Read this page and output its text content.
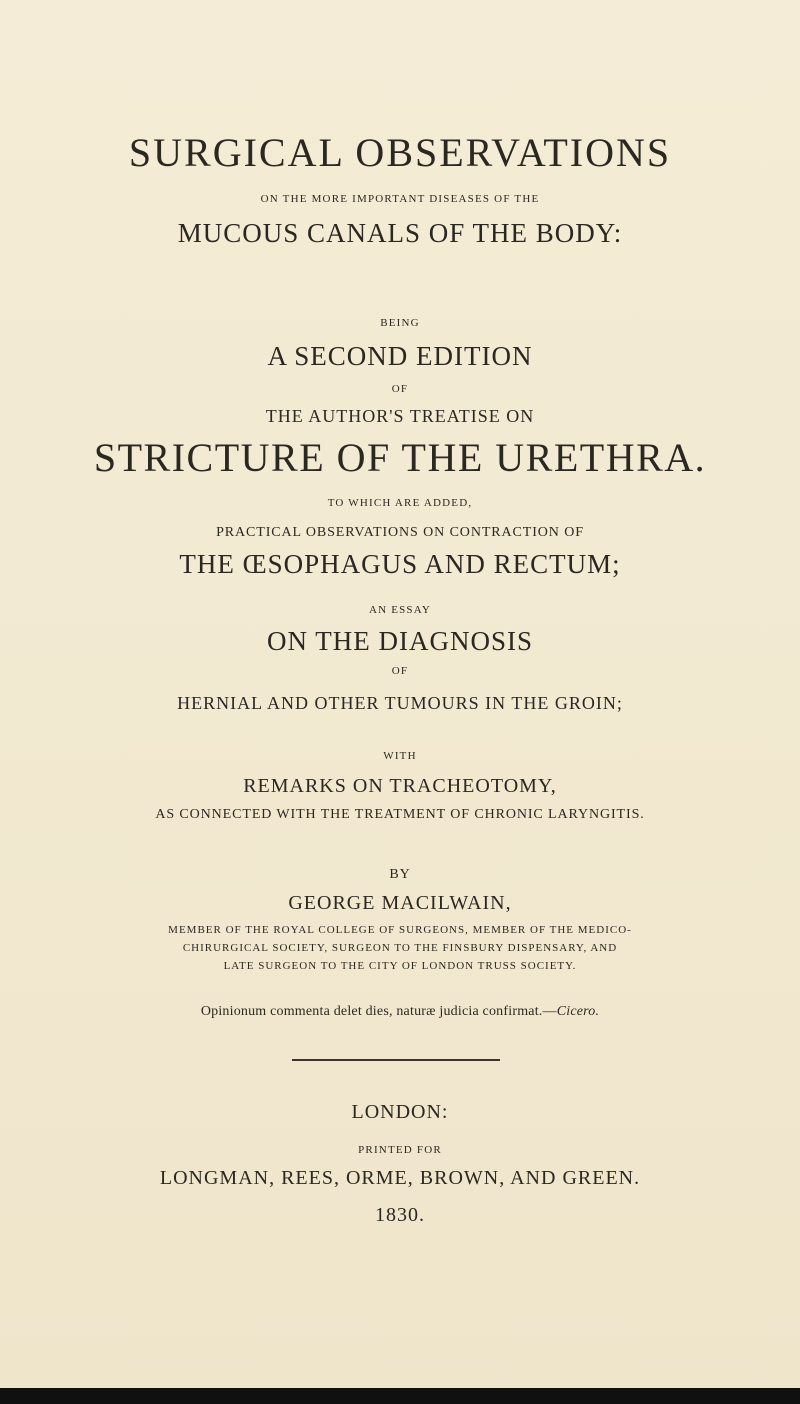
SURGICAL OBSERVATIONS
ON THE MORE IMPORTANT DISEASES OF THE
MUCOUS CANALS OF THE BODY:
BEING
A SECOND EDITION
OF
THE AUTHOR'S TREATISE ON
STRICTURE OF THE URETHRA.
TO WHICH ARE ADDED,
PRACTICAL OBSERVATIONS ON CONTRACTION OF
THE ŒSOPHAGUS AND RECTUM;
AN ESSAY
ON THE DIAGNOSIS
OF
HERNIAL AND OTHER TUMOURS IN THE GROIN;
WITH
REMARKS ON TRACHEOTOMY,
AS CONNECTED WITH THE TREATMENT OF CHRONIC LARYNGITIS.
BY
GEORGE MACILWAIN,
MEMBER OF THE ROYAL COLLEGE OF SURGEONS, MEMBER OF THE MEDICO-
CHIRURGICAL SOCIETY, SURGEON TO THE FINSBURY DISPENSARY, AND
LATE SURGEON TO THE CITY OF LONDON TRUSS SOCIETY.
Opinionum commenta delet dies, naturæ judicia confirmat.—Cicero.
LONDON:
PRINTED FOR
LONGMAN, REES, ORME, BROWN, AND GREEN.
1830.
